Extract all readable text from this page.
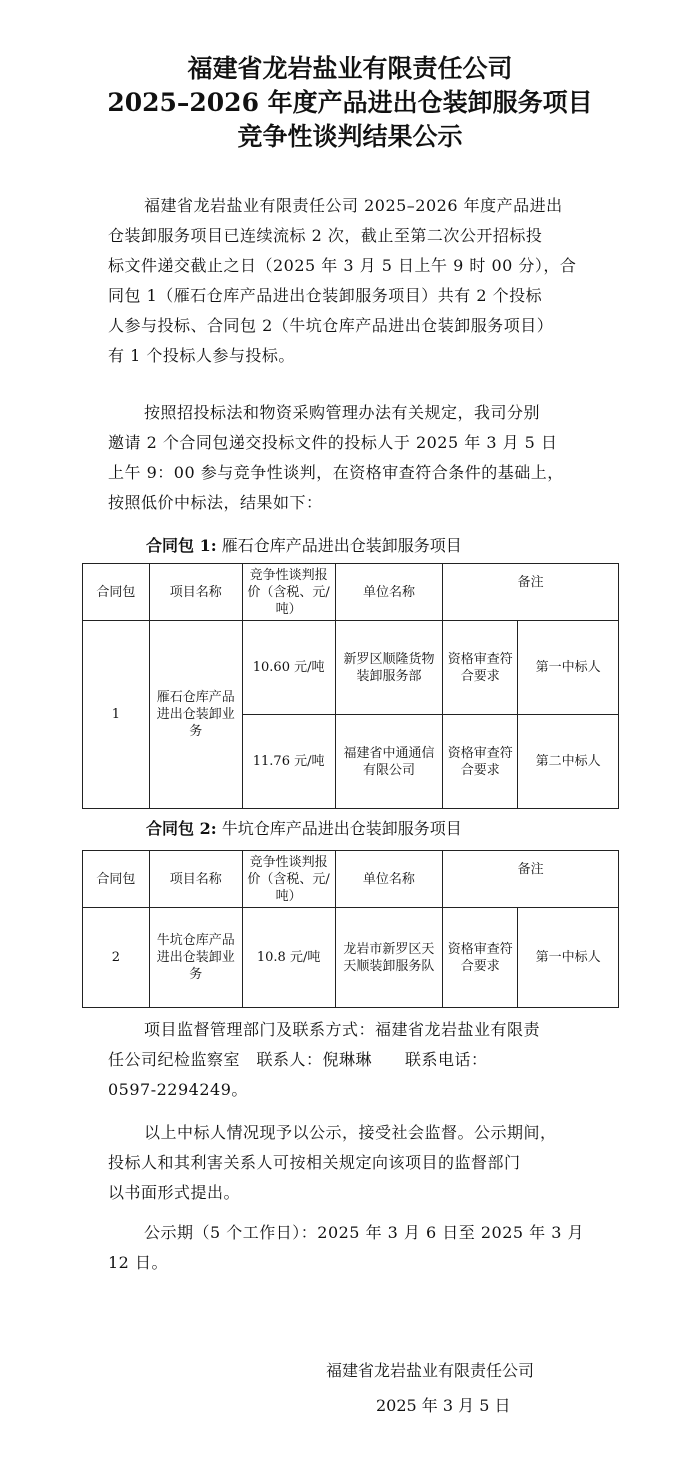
福建省龙岩盐业有限责任公司
2025–2026 年度产品进出仓装卸服务项目
竞争性谈判结果公示
福建省龙岩盐业有限责任公司 2025–2026 年度产品进出
仓装卸服务项目已连续流标 2 次，截止至第二次公开招标投
标文件递交截止之日（2025 年 3 月 5 日上午 9 时 00 分），合
同包 1（雁石仓库产品进出仓装卸服务项目）共有 2 个投标
人参与投标、合同包 2（牛坑仓库产品进出仓装卸服务项目）
有 1 个投标人参与投标。
按照招投标法和物资采购管理办法有关规定，我司分别
邀请 2 个合同包递交投标文件的投标人于 2025 年 3 月 5 日
上午 9：00 参与竞争性谈判，在资格审查符合条件的基础上，
按照低价中标法，结果如下：
合同包 1: 雁石仓库产品进出仓装卸服务项目
合同包	项目名称	竞争性谈判报价（含税、元/吨）	单位名称	备注	
1	雁石仓库产品进出仓装卸业务	10.60 元/吨	新罗区顺隆货物装卸服务部	资格审查符合要求	第一中标人
		11.76 元/吨	福建省中通通信有限公司	资格审查符合要求	第二中标人
合同包 2: 牛坑仓库产品进出仓装卸服务项目
合同包	项目名称	竞争性谈判报价（含税、元/吨）	单位名称	备注	
2	牛坑仓库产品进出仓装卸业务	10.8 元/吨	龙岩市新罗区天天顺装卸服务队	资格审查符合要求	第一中标人
项目监督管理部门及联系方式：福建省龙岩盐业有限责
任公司纪检监察室　联系人：倪琳琳　　联系电话：
0597-2294249。
以上中标人情况现予以公示，接受社会监督。公示期间，
投标人和其利害关系人可按相关规定向该项目的监督部门
以书面形式提出。
公示期（5 个工作日）：2025 年 3 月 6 日至 2025 年 3 月
12 日。
福建省龙岩盐业有限责任公司
2025 年 3 月 5 日
